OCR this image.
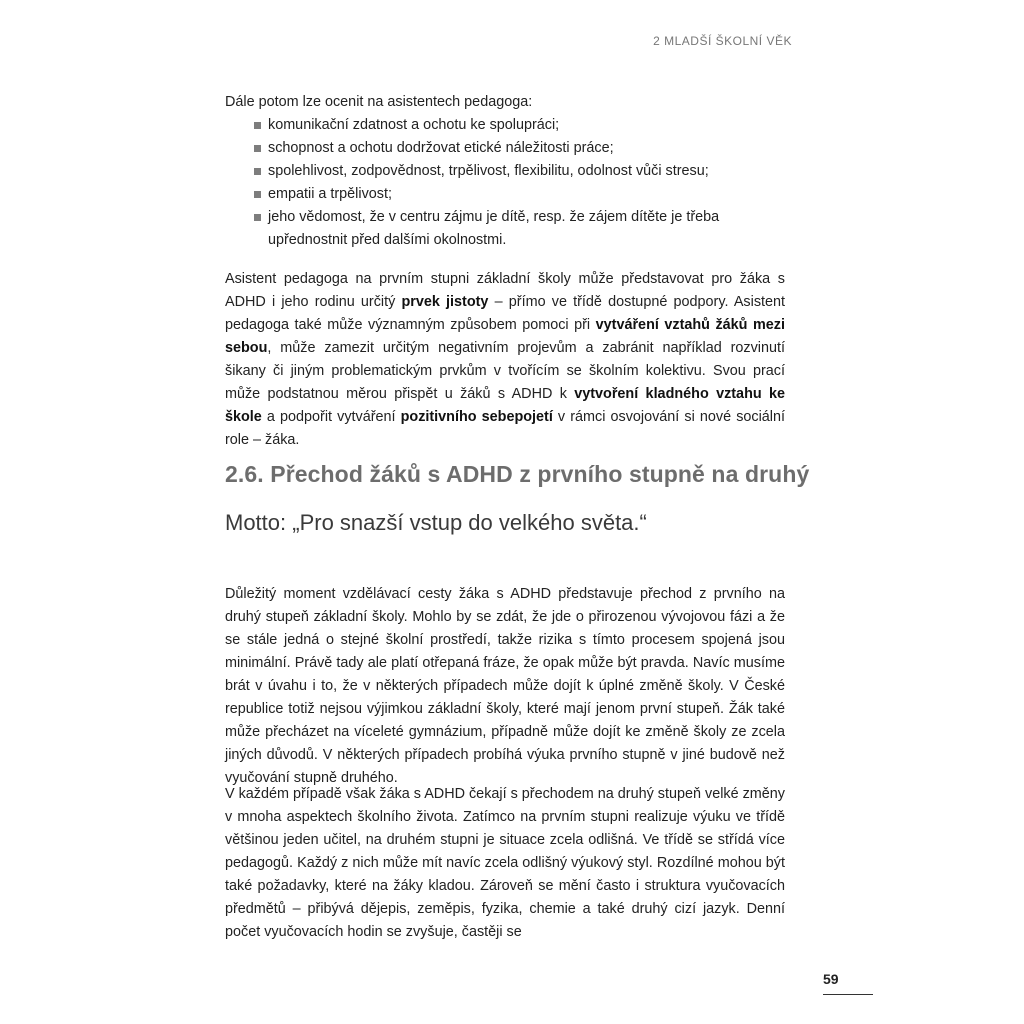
2 MLADŠÍ ŠKOLNÍ VĚK

Dále potom lze ocenit na asistentech pedagoga:

komunikační zdatnost a ochotu ke spolupráci;
schopnost a ochotu dodržovat etické náležitosti práce;
spolehlivost, zodpovědnost, trpělivost, flexibilitu, odolnost vůči stresu;
empatii a trpělivost;
jeho vědomost, že v centru zájmu je dítě, resp. že zájem dítěte je třeba upřednostnit před dalšími okolnostmi.

Asistent pedagoga na prvním stupni základní školy může představovat pro žáka s ADHD i jeho rodinu určitý prvek jistoty – přímo ve třídě dostupné podpory. Asistent pedagoga také může významným způsobem pomoci při vytváření vztahů žáků mezi sebou, může zamezit určitým negativním projevům a zabránit například rozvinutí šikany či jiným problematickým prvkům v tvořícím se školním kolektivu. Svou prací může podstatnou měrou přispět u žáků s ADHD k vytvoření kladného vztahu ke škole a podpořit vytváření pozitivního sebepojetí v rámci osvojování si nové sociální role – žáka.

2.6. Přechod žáků s ADHD z prvního stupně na druhý
Motto: „Pro snazší vstup do velkého světa.“

Důležitý moment vzdělávací cesty žáka s ADHD představuje přechod z prvního na druhý stupeň základní školy. Mohlo by se zdát, že jde o přirozenou vývojovou fázi a že se stále jedná o stejné školní prostředí, takže rizika s tímto procesem spojená jsou minimální. Právě tady ale platí otřepaná fráze, že opak může být pravda. Navíc musíme brát v úvahu i to, že v některých případech může dojít k úplné změně školy. V České republice totiž nejsou výjimkou základní školy, které mají jenom první stupeň. Žák také může přecházet na víceleté gymnázium, případně může dojít ke změně školy ze zcela jiných důvodů. V některých případech probíhá výuka prvního stupně v jiné budově než vyučování stupně druhého.

V každém případě však žáka s ADHD čekají s přechodem na druhý stupeň velké změny v mnoha aspektech školního života. Zatímco na prvním stupni realizuje výuku ve třídě většinou jeden učitel, na druhém stupni je situace zcela odlišná. Ve třídě se střídá více pedagogů. Každý z nich může mít navíc zcela odlišný výukový styl. Rozdílné mohou být také požadavky, které na žáky kladou. Zároveň se mění často i struktura vyučovacích předmětů – přibývá dějepis, zeměpis, fyzika, chemie a také druhý cizí jazyk. Denní počet vyučovacích hodin se zvyšuje, častěji se

59
